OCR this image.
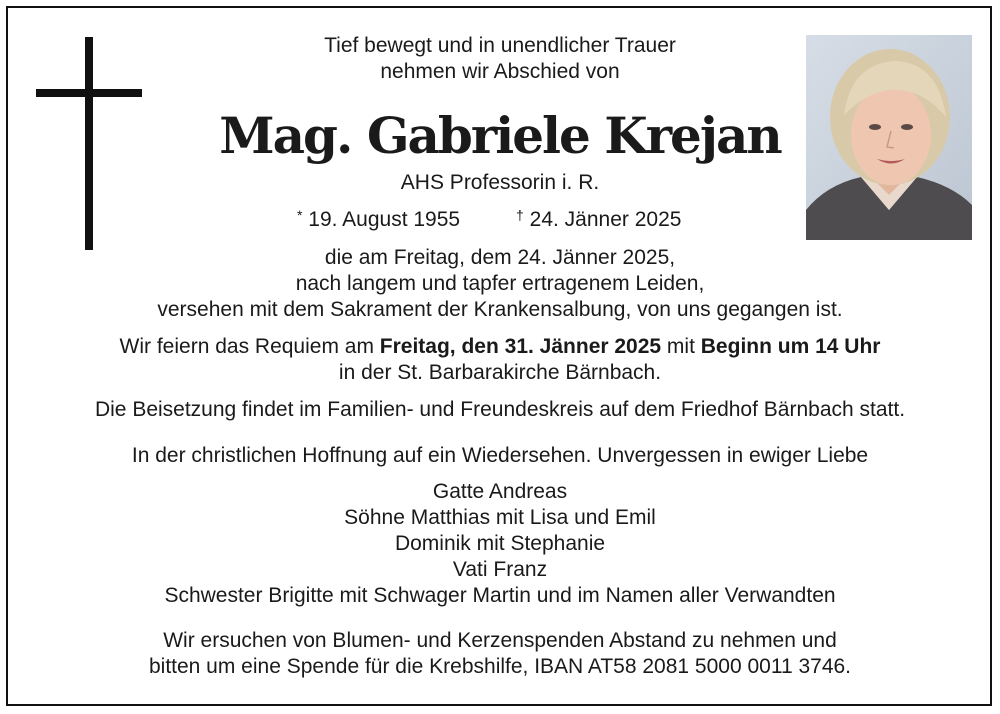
Tief bewegt und in unendlicher Trauer
nehmen wir Abschied von
Mag. Gabriele Krejan
AHS Professorin i. R.
* 19. August 1955	† 24. Jänner 2025
die am Freitag, dem 24. Jänner 2025,
nach langem und tapfer ertragenem Leiden,
versehen mit dem Sakrament der Krankensalbung, von uns gegangen ist.
Wir feiern das Requiem am Freitag, den 31. Jänner 2025 mit Beginn um 14 Uhr
in der St. Barbarakirche Bärnbach.
Die Beisetzung findet im Familien- und Freundeskreis auf dem Friedhof Bärnbach statt.
In der christlichen Hoffnung auf ein Wiedersehen. Unvergessen in ewiger Liebe
Gatte Andreas
Söhne Matthias mit Lisa und Emil
Dominik mit Stephanie
Vati Franz
Schwester Brigitte mit Schwager Martin und im Namen aller Verwandten
Wir ersuchen von Blumen- und Kerzenspenden Abstand zu nehmen und
bitten um eine Spende für die Krebshilfe, IBAN AT58 2081 5000 0011 3746.
